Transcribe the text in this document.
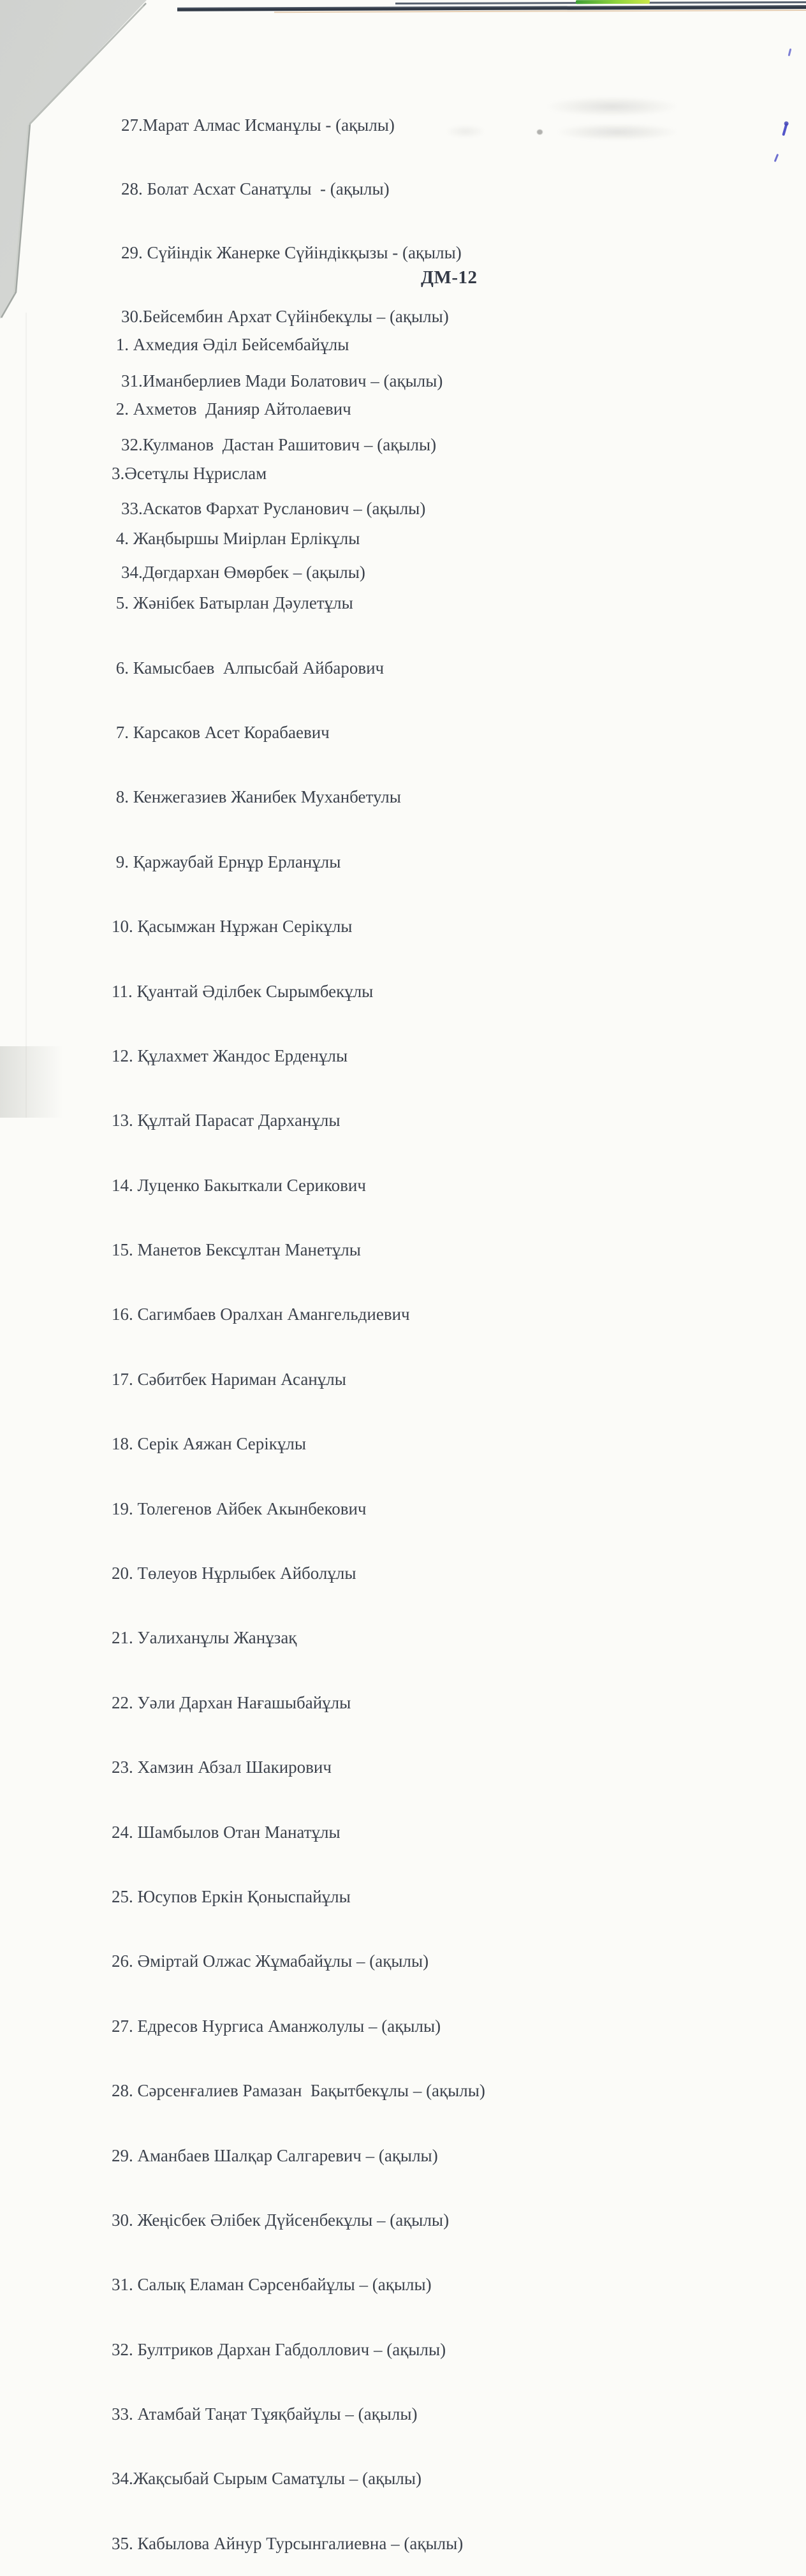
27.Марат Алмас Исманұлы - (ақылы)

28. Болат Асхат Санатұлы  - (ақылы)

29. Сүйіндік Жанерке Сүйіндікқызы - (ақылы)

30.Бейсембин Архат Сүйінбекұлы – (ақылы)

31.Иманберлиев Мади Болатович – (ақылы)

32.Кулманов  Дастан Рашитович – (ақылы)

33.Аскатов Фархат Русланович – (ақылы)

34.Дөгдархан Өмөрбек – (ақылы)

ДМ-12

1. Ахмедия Әділ Бейсембайұлы

2. Ахметов  Данияр Айтолаевич

3.Әсетұлы Нұрислам

4. Жаңбыршы Миірлан Ерлікұлы

5. Жәнібек Батырлан Дәулетұлы

6. Камысбаев  Алпысбай Айбарович

7. Карсаков Асет Корабаевич

8. Кенжегазиев Жанибек Муханбетулы

9. Қаржаубай Ернұр Ерланұлы

10. Қасымжан Нұржан Серікұлы

11. Қуантай Әділбек Сырымбекұлы

12. Құлахмет Жандос Ерденұлы

13. Құлтай Парасат Дарханұлы

14. Луценко Бакыткали Серикович

15. Манетов Бексұлтан Манетұлы

16. Сагимбаев Оралхан Амангельдиевич

17. Сәбитбек Нариман Асанұлы

18. Серік Аяжан Серікұлы

19. Толегенов Айбек Акынбекович

20. Төлеуов Нұрлыбек Айболұлы

21. Уалиханұлы Жанұзақ

22. Уәли Дархан Нағашыбайұлы

23. Хамзин Абзал Шакирович

24. Шамбылов Отан Манатұлы

25. Юсупов Еркін Қоныспайұлы

26. Әміртай Олжас Жұмабайұлы – (ақылы)

27. Едресов Нургиса Аманжолулы – (ақылы)

28. Сәрсенғалиев Рамазан  Бақытбекұлы – (ақылы)

29. Аманбаев Шалқар Салгаревич – (ақылы)

30. Жеңісбек Әлібек Дүйсенбекұлы – (ақылы)

31. Салық Еламан Сәрсенбайұлы – (ақылы)

32. Бултриков Дархан Габдоллович – (ақылы)

33. Атамбай Таңат Тұяқбайұлы – (ақылы)

34.Жақсыбай Сырым Саматұлы – (ақылы)

35. Кабылова Айнур Турсынгалиевна – (ақылы)
